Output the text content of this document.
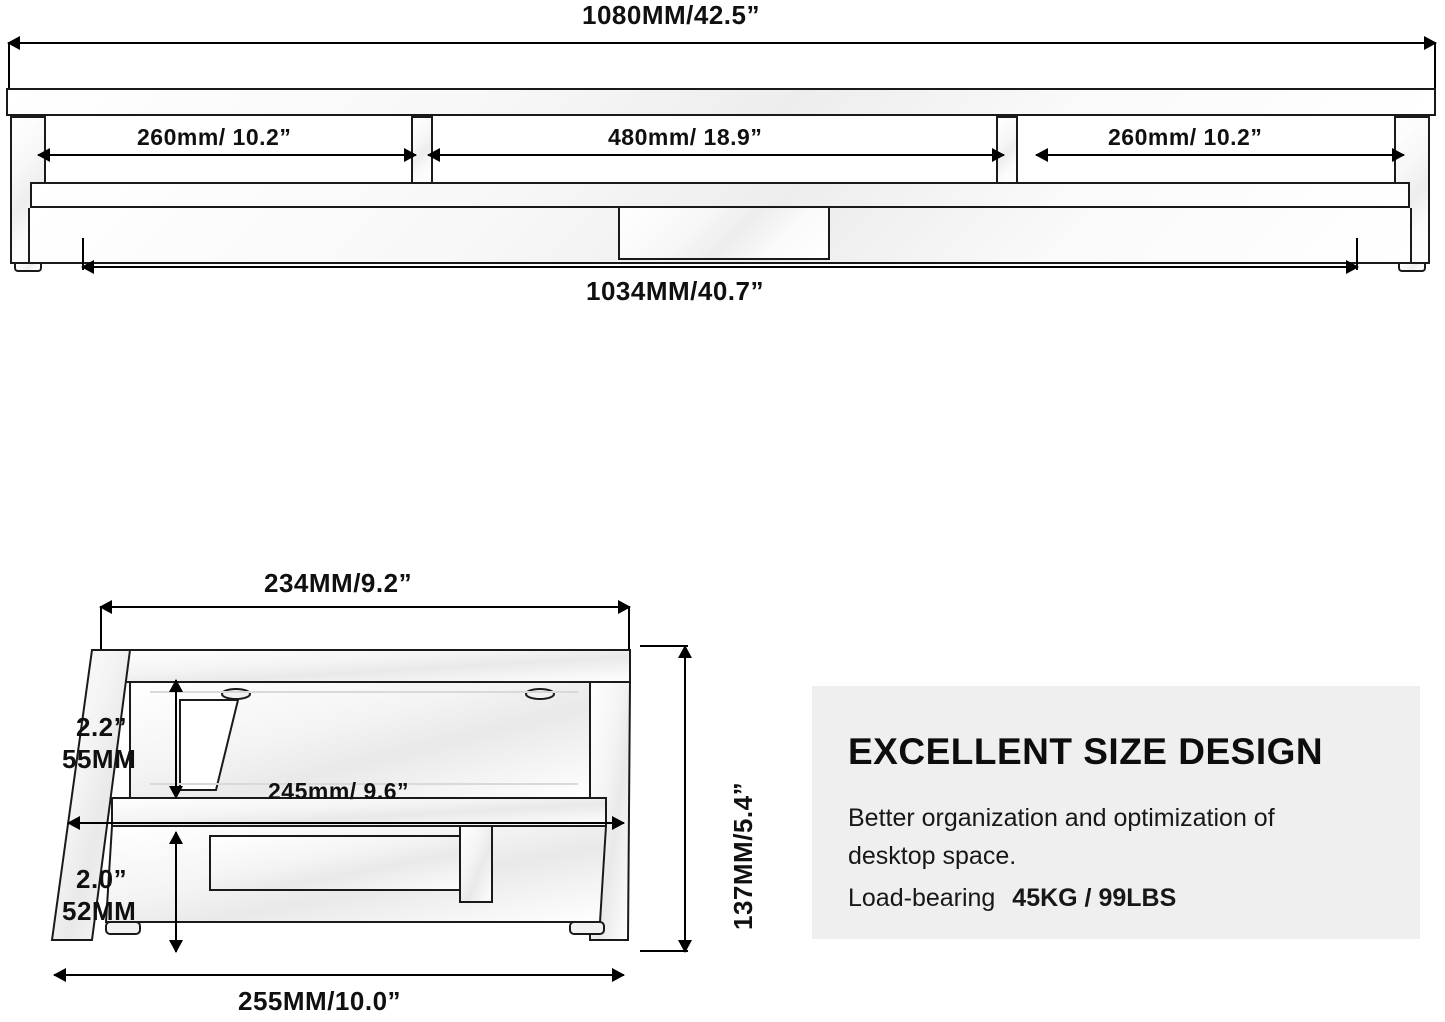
1080MM/42.5”
260mm/ 10.2”	480mm/ 18.9”	260mm/ 10.2”
1034MM/40.7”
234MM/9.2”
2.2”
55MM
245mm/ 9.6”
2.0”
52MM
255MM/10.0”
137MM/5.4”
EXCELLENT SIZE DESIGN
Better organization and optimization of
desktop space.
Load-bearing 45KG / 99LBS
